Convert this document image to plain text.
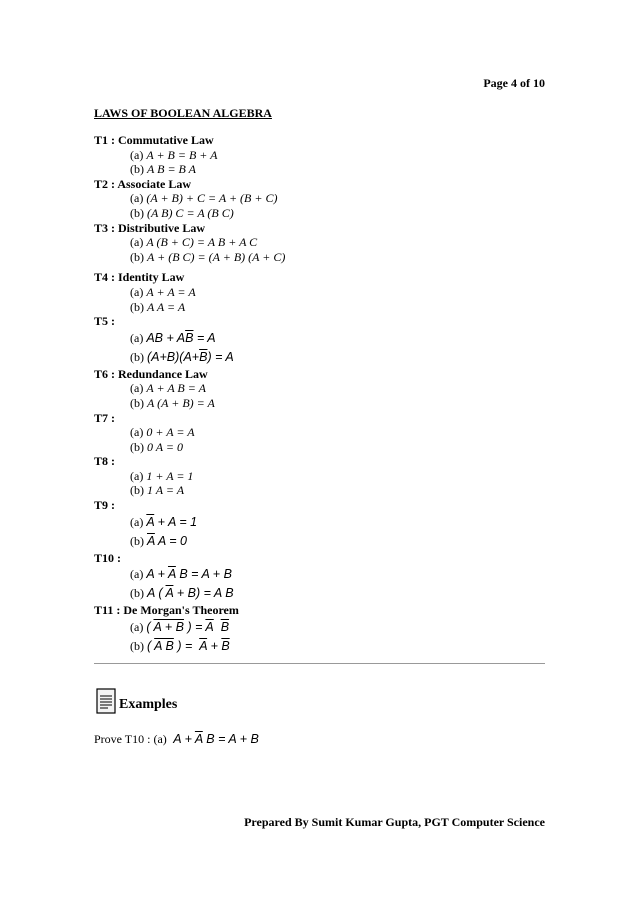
Page 4 of 10
LAWS OF BOOLEAN ALGEBRA
T1 : Commutative Law
(a) A + B = B + A
(b) A B = B A
T2 : Associate Law
(a) (A + B) + C = A + (B + C)
(b) (A B) C = A (B C)
T3 : Distributive Law
(a) A (B + C) = A B + A C
(b) A + (B C) = (A + B) (A + C)
T4 : Identity Law
(a) A + A = A
(b) A A = A
T5 :
(a) AB + $A\overline{B} = A$
(b) $(A+B)(A+\overline{B}) = A$
T6 : Redundance Law
(a) A + A B = A
(b) A (A + B) = A
T7 :
(a) 0 + A = A
(b) 0 A = 0
T8 :
(a) 1 + A = 1
(b) 1 A = A
T9 :
(a) $\overline{A} + A = 1$
(b) $\overline{A}$ A = 0
T10 :
(a) $A + \overline{A}$ B = A + B
(b) A ( $\overline{A} + B) = A$ B
T11 : De Morgan's Theorem
(a) ( A + B ) = $\overline{A}$ $\overline{B}$
(b) ( A B ) =  $\overline{A} + \overline{B}$
Examples
Prove T10 : (a)  $A + \overline{A}$ B = A + B
Prepared By Sumit Kumar Gupta, PGT Computer Science
